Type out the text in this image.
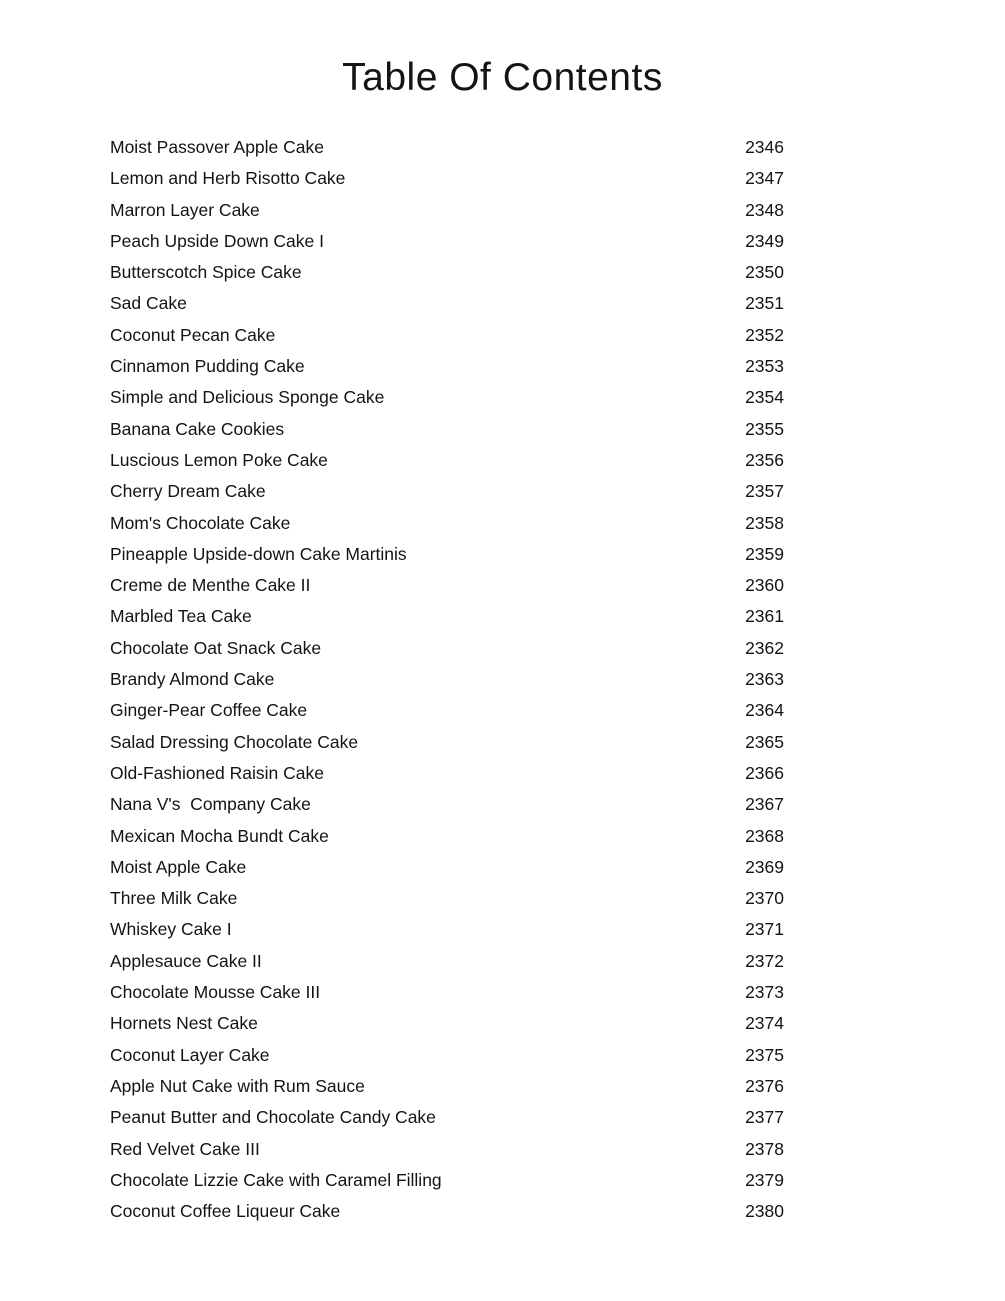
Table Of Contents
Moist Passover Apple Cake	2346
Lemon and Herb Risotto Cake	2347
Marron Layer Cake	2348
Peach Upside Down Cake I	2349
Butterscotch Spice Cake	2350
Sad Cake	2351
Coconut Pecan Cake	2352
Cinnamon Pudding Cake	2353
Simple and Delicious Sponge Cake	2354
Banana Cake Cookies	2355
Luscious Lemon Poke Cake	2356
Cherry Dream Cake	2357
Mom's Chocolate Cake	2358
Pineapple Upside-down Cake Martinis	2359
Creme de Menthe Cake II	2360
Marbled Tea Cake	2361
Chocolate Oat Snack Cake	2362
Brandy Almond Cake	2363
Ginger-Pear Coffee Cake	2364
Salad Dressing Chocolate Cake	2365
Old-Fashioned Raisin Cake	2366
Nana V's  Company Cake	2367
Mexican Mocha Bundt Cake	2368
Moist Apple Cake	2369
Three Milk Cake	2370
Whiskey Cake I	2371
Applesauce Cake II	2372
Chocolate Mousse Cake III	2373
Hornets Nest Cake	2374
Coconut Layer Cake	2375
Apple Nut Cake with Rum Sauce	2376
Peanut Butter and Chocolate Candy Cake	2377
Red Velvet Cake III	2378
Chocolate Lizzie Cake with Caramel Filling	2379
Coconut Coffee Liqueur Cake	2380
